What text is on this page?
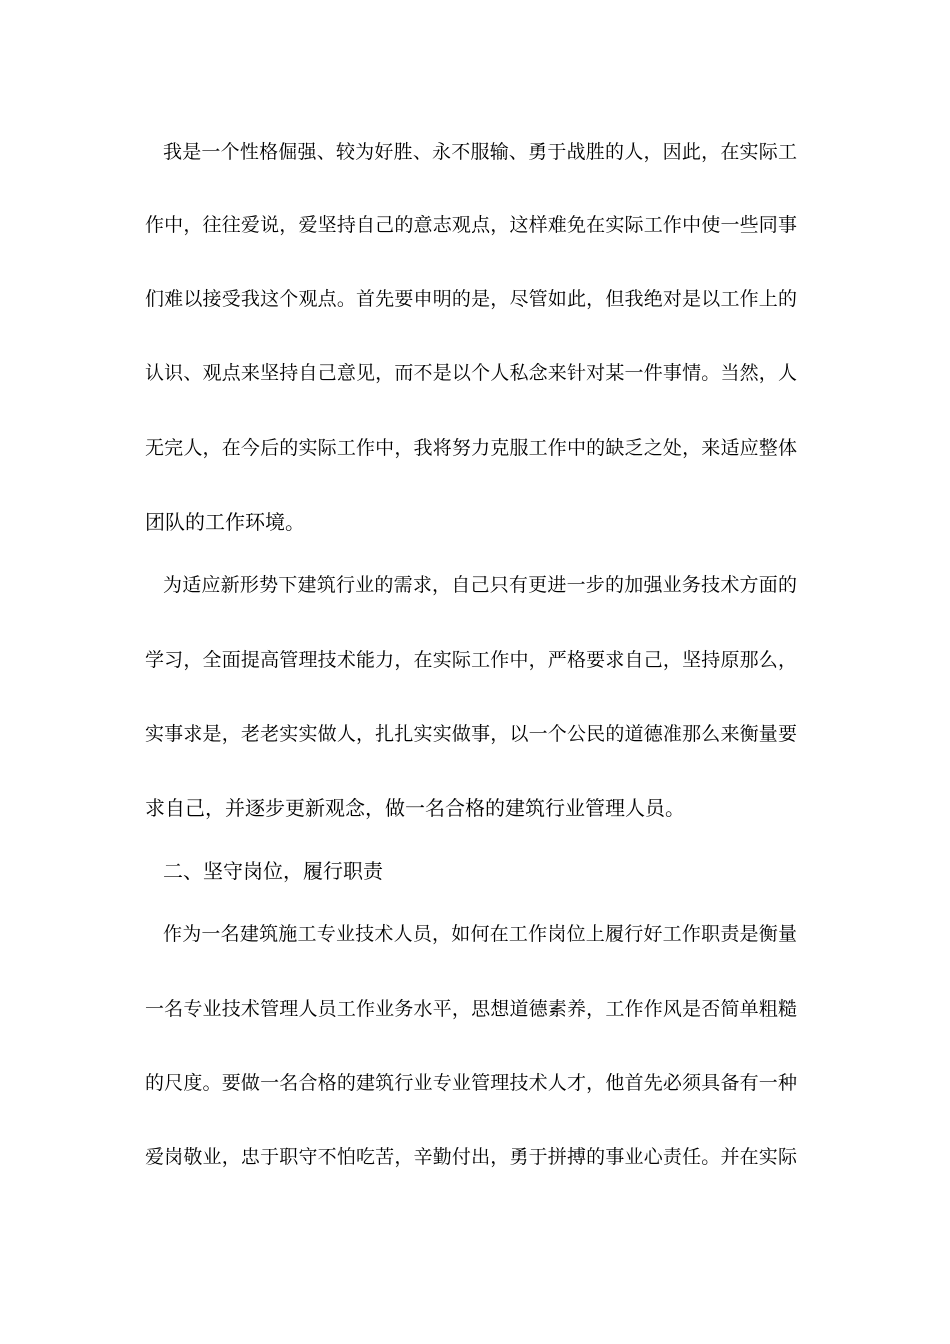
我是一个性格倔强、较为好胜、永不服输、勇于战胜的人，因此，在实际工
作中，往往爱说，爱坚持自己的意志观点，这样难免在实际工作中使一些同事
们难以接受我这个观点。首先要申明的是，尽管如此，但我绝对是以工作上的
认识、观点来坚持自己意见，而不是以个人私念来针对某一件事情。当然，人
无完人，在今后的实际工作中，我将努力克服工作中的缺乏之处，来适应整体
团队的工作环境。
为适应新形势下建筑行业的需求，自己只有更进一步的加强业务技术方面的
学习，全面提高管理技术能力，在实际工作中，严格要求自己，坚持原那么，
实事求是，老老实实做人，扎扎实实做事，以一个公民的道德准那么来衡量要
求自己，并逐步更新观念，做一名合格的建筑行业管理人员。
二、坚守岗位，履行职责
作为一名建筑施工专业技术人员，如何在工作岗位上履行好工作职责是衡量
一名专业技术管理人员工作业务水平，思想道德素养，工作作风是否简单粗糙
的尺度。要做一名合格的建筑行业专业管理技术人才，他首先必须具备有一种
爱岗敬业，忠于职守不怕吃苦，辛勤付出，勇于拼搏的事业心责任。并在实际
